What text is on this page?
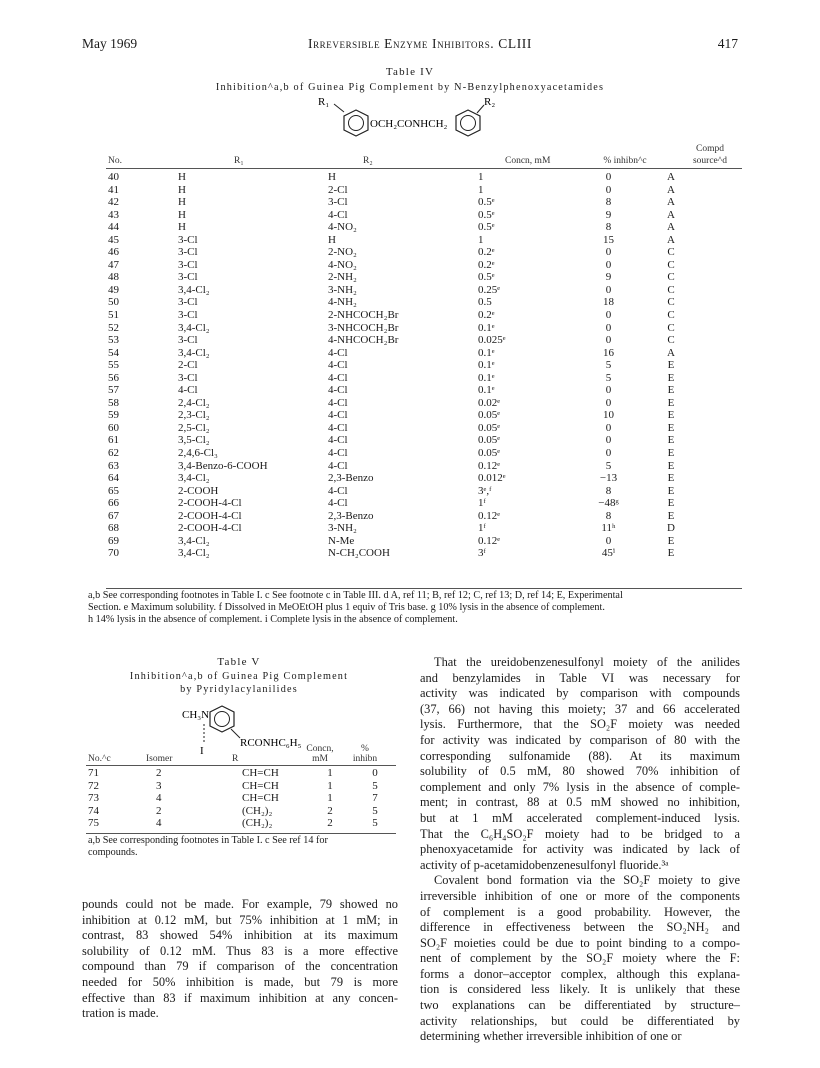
May 1969	Irreversible Enzyme Inhibitors. CLIII	417
Table IV
Inhibition^a,b of Guinea Pig Complement by N-Benzylphenoxyacetamides
R₁
OCH₂CONHCH₂
R₂
Compd
No.	R₁	R₂	Concn, mM	% inhibn^c	source^d
40	H	H	1	0	A
41	H	2-Cl	1	0	A
42	H	3-Cl	0.5ᵉ	8	A
43	H	4-Cl	0.5ᵉ	9	A
44	H	4-NO₂	0.5ᵉ	8	A
45	3-Cl	H	1	15	A
46	3-Cl	2-NO₂	0.2ᵉ	0	C
47	3-Cl	4-NO₂	0.2ᵉ	0	C
48	3-Cl	2-NH₂	0.5ᵉ	9	C
49	3,4-Cl₂	3-NH₂	0.25ᵉ	0	C
50	3-Cl	4-NH₂	0.5	18	C
51	3-Cl	2-NHCOCH₂Br	0.2ᵉ	0	C
52	3,4-Cl₂	3-NHCOCH₂Br	0.1ᵉ	0	C
53	3-Cl	4-NHCOCH₂Br	0.025ᵉ	0	C
54	3,4-Cl₂	4-Cl	0.1ᵉ	16	A
55	2-Cl	4-Cl	0.1ᵉ	5	E
56	3-Cl	4-Cl	0.1ᵉ	5	E
57	4-Cl	4-Cl	0.1ᵉ	0	E
58	2,4-Cl₂	4-Cl	0.02ᵉ	0	E
59	2,3-Cl₂	4-Cl	0.05ᵉ	10	E
60	2,5-Cl₂	4-Cl	0.05ᵉ	0	E
61	3,5-Cl₂	4-Cl	0.05ᵉ	0	E
62	2,4,6-Cl₃	4-Cl	0.05ᵉ	0	E
63	3,4-Benzo-6-COOH	4-Cl	0.12ᵉ	5	E
64	3,4-Cl₂	2,3-Benzo	0.012ᵉ	−13	E
65	2-COOH	4-Cl	3ᵉ,ᶠ	8	E
66	2-COOH-4-Cl	4-Cl	1ᶠ	−48ᵍ	E
67	2-COOH-4-Cl	2,3-Benzo	0.12ᵉ	8	E
68	2-COOH-4-Cl	3-NH₂	1ᶠ	11ʰ	D
69	3,4-Cl₂	N-Me	0.12ᵉ	0	E
70	3,4-Cl₂	N-CH₂COOH	3ᶠ	45ⁱ	E
a,b See corresponding footnotes in Table I. c See footnote c in Table III. d A, ref 11; B, ref 12; C, ref 13; D, ref 14; E, Experimental
Section. e Maximum solubility. f Dissolved in MeOEtOH plus 1 equiv of Tris base. g 10% lysis in the absence of complement.
h 14% lysis in the absence of complement. i Complete lysis in the absence of complement.
Table V
Inhibition^a,b of Guinea Pig Complement
by Pyridylacylanilides
CH₃N
RCONHC₆H₅
I	Concn,	%
No.^c	Isomer	R	mM	inhibn
71	2	CH=CH	1	0
72	3	CH=CH	1	5
73	4	CH=CH	1	7
74	2	(CH₂)₂	2	5
75	4	(CH₂)₂	2	5
a,b See corresponding footnotes in Table I. c See ref 14 for
compounds.
pounds could not be made. For example, 79 showed no
inhibition at 0.12 mM, but 75% inhibition at 1 mM; in
contrast, 83 showed 54% inhibition at its maximum
solubility of 0.12 mM. Thus 83 is a more effective
compound than 79 if comparison of the concentration
needed for 50% inhibition is made, but 79 is more
effective than 83 if maximum inhibition at any concen-
tration is made.
That the ureidobenzenesulfonyl moiety of the anilides
and benzylamides in Table VI was necessary for
activity was indicated by comparison with compounds
(37, 66) not having this moiety; 37 and 66 accelerated
lysis. Furthermore, that the SO₂F moiety was needed
for activity was indicated by comparison of 80 with the
corresponding sulfonamide (88). At its maximum
solubility of 0.5 mM, 80 showed 70% inhibition of
complement and only 7% lysis in the absence of comple-
ment; in contrast, 88 at 0.5 mM showed no inhibition,
but at 1 mM accelerated complement-induced lysis.
That the C₆H₄SO₂F moiety had to be bridged to a
phenoxyacetamide for activity was indicated by lack of
activity of p-acetamidobenzenesulfonyl fluoride.³ᵃ
Covalent bond formation via the SO₂F moiety to give
irreversible inhibition of one or more of the components
of complement is a good probability. However, the
difference in effectiveness between the SO₂NH₂ and
SO₂F moieties could be due to point binding to a compo-
nent of complement by the SO₂F moiety where the F:
forms a donor–acceptor complex, although this explana-
tion is considered less likely. It is unlikely that these
two explanations can be differentiated by structure–
activity relationships, but could be differentiated by
determining whether irreversible inhibition of one or
